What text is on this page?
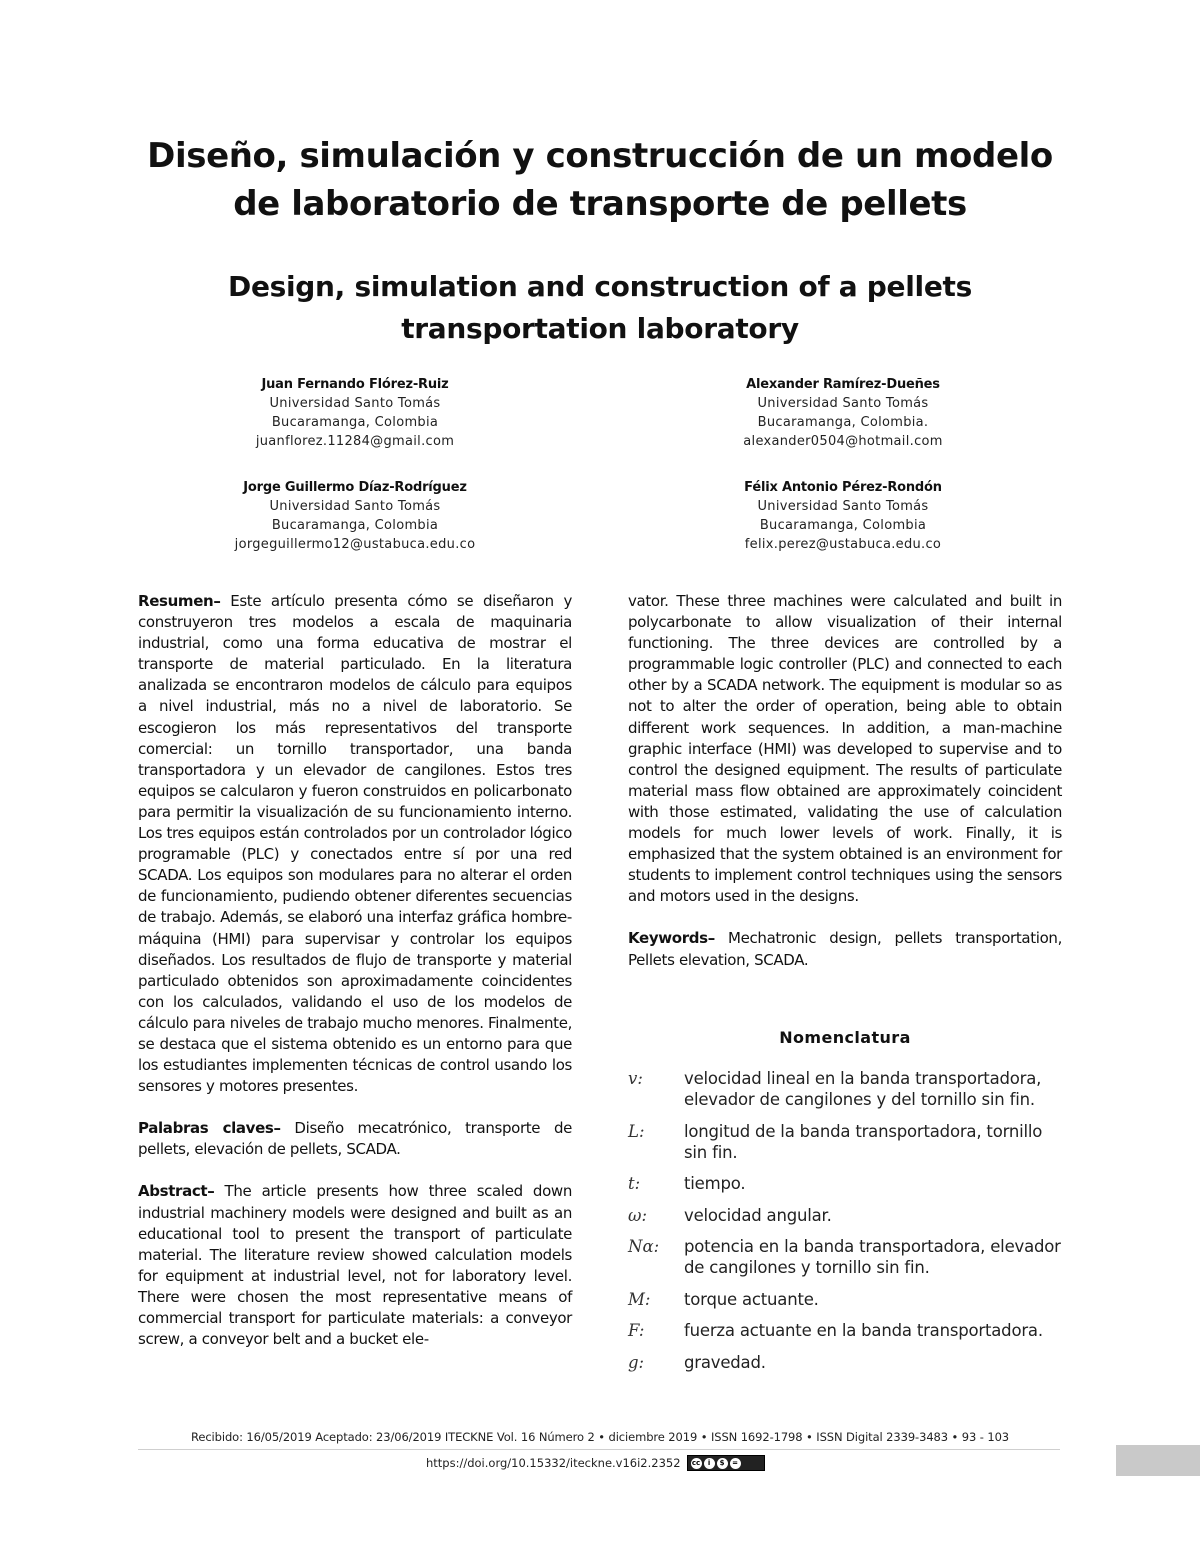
Diseño, simulación y construcción de un modelo
de laboratorio de transporte de pellets
Design, simulation and construction of a pellets
transportation laboratory
Juan Fernando Flórez-Ruiz
Universidad Santo Tomás
Bucaramanga, Colombia
juanflorez.11284@gmail.com
Alexander Ramírez-Dueñes
Universidad Santo Tomás
Bucaramanga, Colombia.
alexander0504@hotmail.com
Jorge Guillermo Díaz-Rodríguez
Universidad Santo Tomás
Bucaramanga, Colombia
jorgeguillermo12@ustabuca.edu.co
Félix Antonio Pérez-Rondón
Universidad Santo Tomás
Bucaramanga, Colombia
felix.perez@ustabuca.edu.co

Resumen– Este artículo presenta cómo se diseñaron y construyeron tres modelos a escala de maquinaria industrial, como una forma educativa de mostrar el transporte de material particulado. En la literatura analizada se encontraron modelos de cálculo para equipos a nivel industrial, más no a nivel de laboratorio. Se escogieron los más representativos del transporte comercial: un tornillo transportador, una banda transportadora y un elevador de cangilones. Estos tres equipos se calcularon y fueron construidos en policarbonato para permitir la visualización de su funcionamiento interno. Los tres equipos están controlados por un controlador lógico programable (PLC) y conectados entre sí por una red SCADA. Los equipos son modulares para no alterar el orden de funcionamiento, pudiendo obtener diferentes secuencias de trabajo. Además, se elaboró una interfaz gráfica hombre-máquina (HMI) para supervisar y controlar los equipos diseñados. Los resultados de flujo de transporte y material particulado obtenidos son aproximadamente coincidentes con los calculados, validando el uso de los modelos de cálculo para niveles de trabajo mucho menores. Finalmente, se destaca que el sistema obtenido es un entorno para que los estudiantes implementen técnicas de control usando los sensores y motores presentes.

Palabras claves– Diseño mecatrónico, transporte de pellets, elevación de pellets, SCADA.

Abstract– The article presents how three scaled down industrial machinery models were designed and built as an educational tool to present the transport of particulate material. The literature review showed calculation models for equipment at industrial level, not for laboratory level. There were chosen the most representative means of commercial transport for particulate materials: a conveyor screw, a conveyor belt and a bucket ele-

vator. These three machines were calculated and built in polycarbonate to allow visualization of their internal functioning. The three devices are controlled by a programmable logic controller (PLC) and connected to each other by a SCADA network. The equipment is modular so as not to alter the order of operation, being able to obtain different work sequences. In addition, a man-machine graphic interface (HMI) was developed to supervise and to control the designed equipment. The results of particulate material mass flow obtained are approximately coincident with those estimated, validating the use of calculation models for much lower levels of work. Finally, it is emphasized that the system obtained is an environment for students to implement control techniques using the sensors and motors used in the designs.

Keywords– Mechatronic design, pellets transportation, Pellets elevation, SCADA.

Nomenclatura
v:	velocidad lineal en la banda transportadora, elevador de cangilones y del tornillo sin fin.
L:	longitud de la banda transportadora, tornillo sin fin.
t:	tiempo.
ω:	velocidad angular.
Nα:	potencia en la banda transportadora, elevador de cangilones y tornillo sin fin.
M:	torque actuante.
F:	fuerza actuante en la banda transportadora.
g:	gravedad.
Recibido: 16/05/2019 Aceptado: 23/06/2019 ITECKNE Vol. 16 Número 2 • diciembre 2019 • ISSN 1692-1798 • ISSN Digital 2339-3483 • 93 - 103
https://doi.org/10.15332/iteckne.v16i2.2352 cc	i	$	=
